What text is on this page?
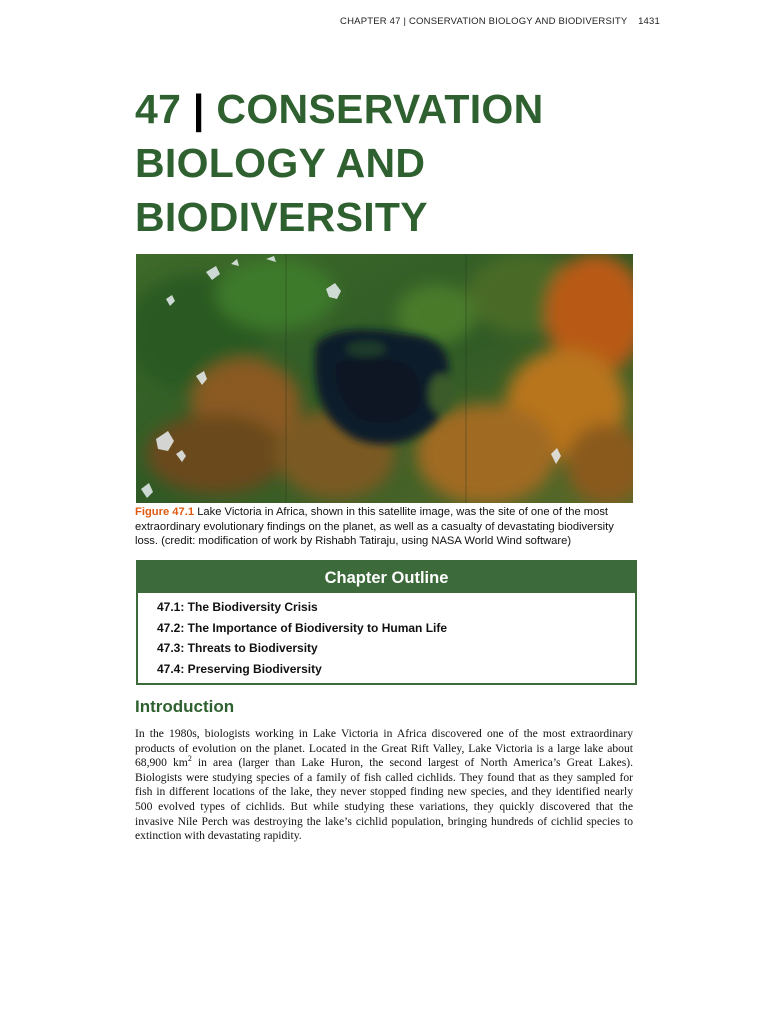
CHAPTER 47 | CONSERVATION BIOLOGY AND BIODIVERSITY 1431
47 | CONSERVATION
BIOLOGY AND
BIODIVERSITY
Figure 47.1 Lake Victoria in Africa, shown in this satellite image, was the site of one of the most extraordinary evolutionary findings on the planet, as well as a casualty of devastating biodiversity loss. (credit: modification of work by Rishabh Tatiraju, using NASA World Wind software)
Chapter Outline
47.1: The Biodiversity Crisis
47.2: The Importance of Biodiversity to Human Life
47.3: Threats to Biodiversity
47.4: Preserving Biodiversity
Introduction

In the 1980s, biologists working in Lake Victoria in Africa discovered one of the most extraordinary products of evolution on the planet. Located in the Great Rift Valley, Lake Victoria is a large lake about 68,900 $km^2$ in area (larger than Lake Huron, the second largest of North America’s Great Lakes). Biologists were studying species of a family of fish called cichlids. They found that as they sampled for fish in different locations of the lake, they never stopped finding new species, and they identified nearly 500 evolved types of cichlids. But while studying these variations, they quickly discovered that the invasive Nile Perch was destroying the lake’s cichlid population, bringing hundreds of cichlid species to extinction with devastating rapidity.
